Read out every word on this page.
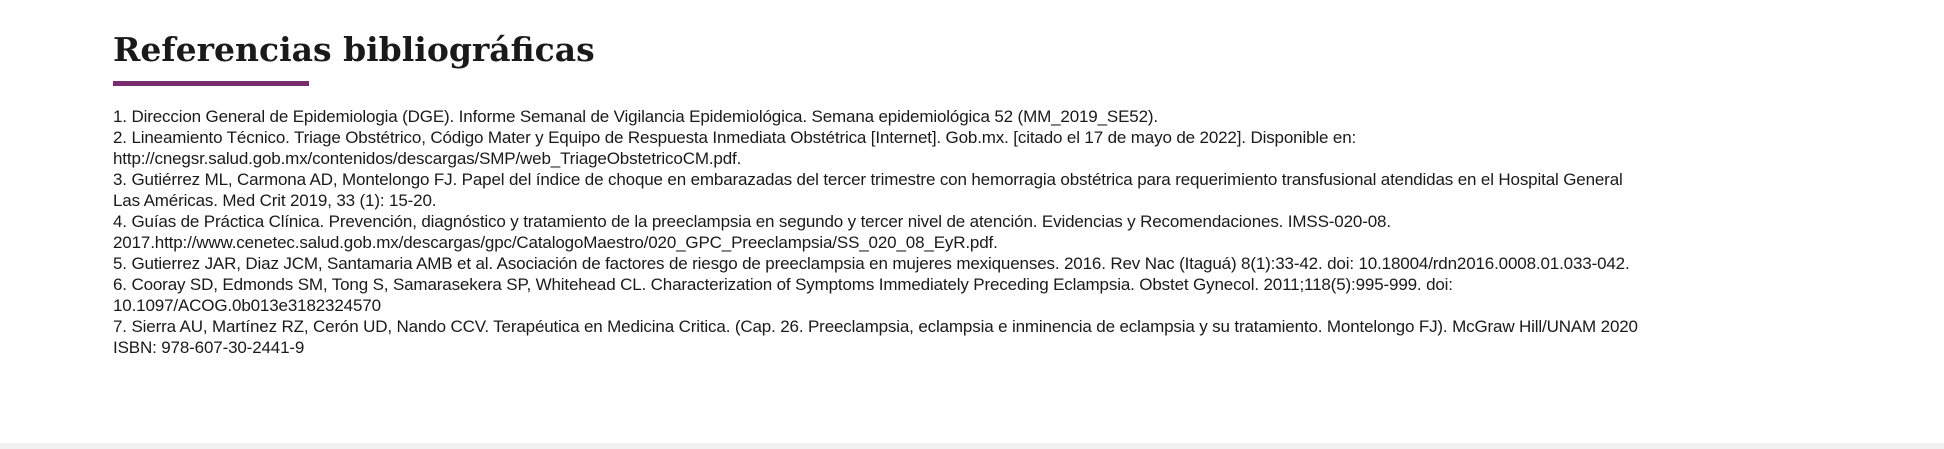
Referencias bibliográficas
1. Direccion General de Epidemiologia (DGE). Informe Semanal de Vigilancia Epidemiológica. Semana epidemiológica 52 (MM_2019_SE52).
2. Lineamiento Técnico. Triage Obstétrico, Código Mater y Equipo de Respuesta Inmediata Obstétrica [Internet]. Gob.mx. [citado el 17 de mayo de 2022]. Disponible en:
http://cnegsr.salud.gob.mx/contenidos/descargas/SMP/web_TriageObstetricoCM.pdf.
3. Gutiérrez ML, Carmona AD, Montelongo FJ. Papel del índice de choque en embarazadas del tercer trimestre con hemorragia obstétrica para requerimiento transfusional atendidas en el Hospital General
Las Américas. Med Crit 2019, 33 (1): 15-20.
4. Guías de Práctica Clínica. Prevención, diagnóstico y tratamiento de la preeclampsia en segundo y tercer nivel de atención. Evidencias y Recomendaciones. IMSS-020-08.
2017.http://www.cenetec.salud.gob.mx/descargas/gpc/CatalogoMaestro/020_GPC_Preeclampsia/SS_020_08_EyR.pdf.
5. Gutierrez JAR, Diaz JCM, Santamaria AMB et al. Asociación de factores de riesgo de preeclampsia en mujeres mexiquenses. 2016. Rev Nac (Itaguá) 8(1):33-42. doi: 10.18004/rdn2016.0008.01.033-042.
6. Cooray SD, Edmonds SM, Tong S, Samarasekera SP, Whitehead CL. Characterization of Symptoms Immediately Preceding Eclampsia. Obstet Gynecol. 2011;118(5):995-999. doi:
10.1097/ACOG.0b013e3182324570
7. Sierra AU, Martínez RZ, Cerón UD, Nando CCV. Terapéutica en Medicina Critica. (Cap. 26. Preeclampsia, eclampsia e inminencia de eclampsia y su tratamiento. Montelongo FJ). McGraw Hill/UNAM 2020
ISBN: 978-607-30-2441-9
